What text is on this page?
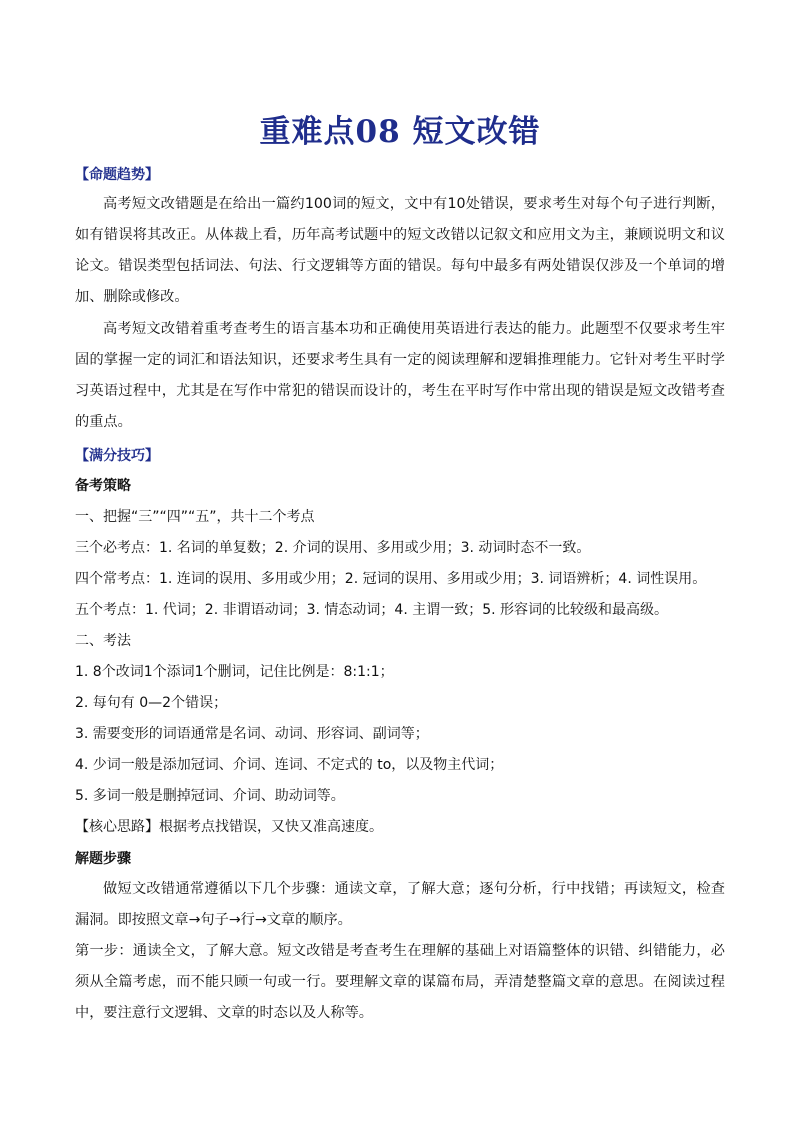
重难点08 短文改错
【命题趋势】
高考短文改错题是在给出一篇约100词的短文，文中有10处错误，要求考生对每个句子进行判断，如有错误将其改正。从体裁上看，历年高考试题中的短文改错以记叙文和应用文为主，兼顾说明文和议论文。错误类型包括词法、句法、行文逻辑等方面的错误。每句中最多有两处错误仅涉及一个单词的增加、删除或修改。
高考短文改错着重考查考生的语言基本功和正确使用英语进行表达的能力。此题型不仅要求考生牢固的掌握一定的词汇和语法知识，还要求考生具有一定的阅读理解和逻辑推理能力。它针对考生平时学习英语过程中，尤其是在写作中常犯的错误而设计的，考生在平时写作中常出现的错误是短文改错考查的重点。
【满分技巧】
备考策略
一、把握“三”“四”“五”，共十二个考点
三个必考点：1. 名词的单复数；2. 介词的误用、多用或少用；3. 动词时态不一致。
四个常考点：1. 连词的误用、多用或少用；2. 冠词的误用、多用或少用；3. 词语辨析；4. 词性误用。
五个考点：1. 代词；2. 非谓语动词；3. 情态动词；4. 主谓一致；5. 形容词的比较级和最高级。
二、考法
1. 8个改词1个添词1个删词，记住比例是：8:1:1；
2. 每句有 0—2个错误；
3. 需要变形的词语通常是名词、动词、形容词、副词等；
4. 少词一般是添加冠词、介词、连词、不定式的 to，以及物主代词；
5. 多词一般是删掉冠词、介词、助动词等。
【核心思路】根据考点找错误，又快又准高速度。
解题步骤
做短文改错通常遵循以下几个步骤：通读文章，了解大意；逐句分析，行中找错；再读短文，检查漏洞。即按照文章→句子→行→文章的顺序。
第一步：通读全文，了解大意。短文改错是考查考生在理解的基础上对语篇整体的识错、纠错能力，必须从全篇考虑，而不能只顾一句或一行。要理解文章的谋篇布局，弄清楚整篇文章的意思。在阅读过程中，要注意行文逻辑、文章的时态以及人称等。
